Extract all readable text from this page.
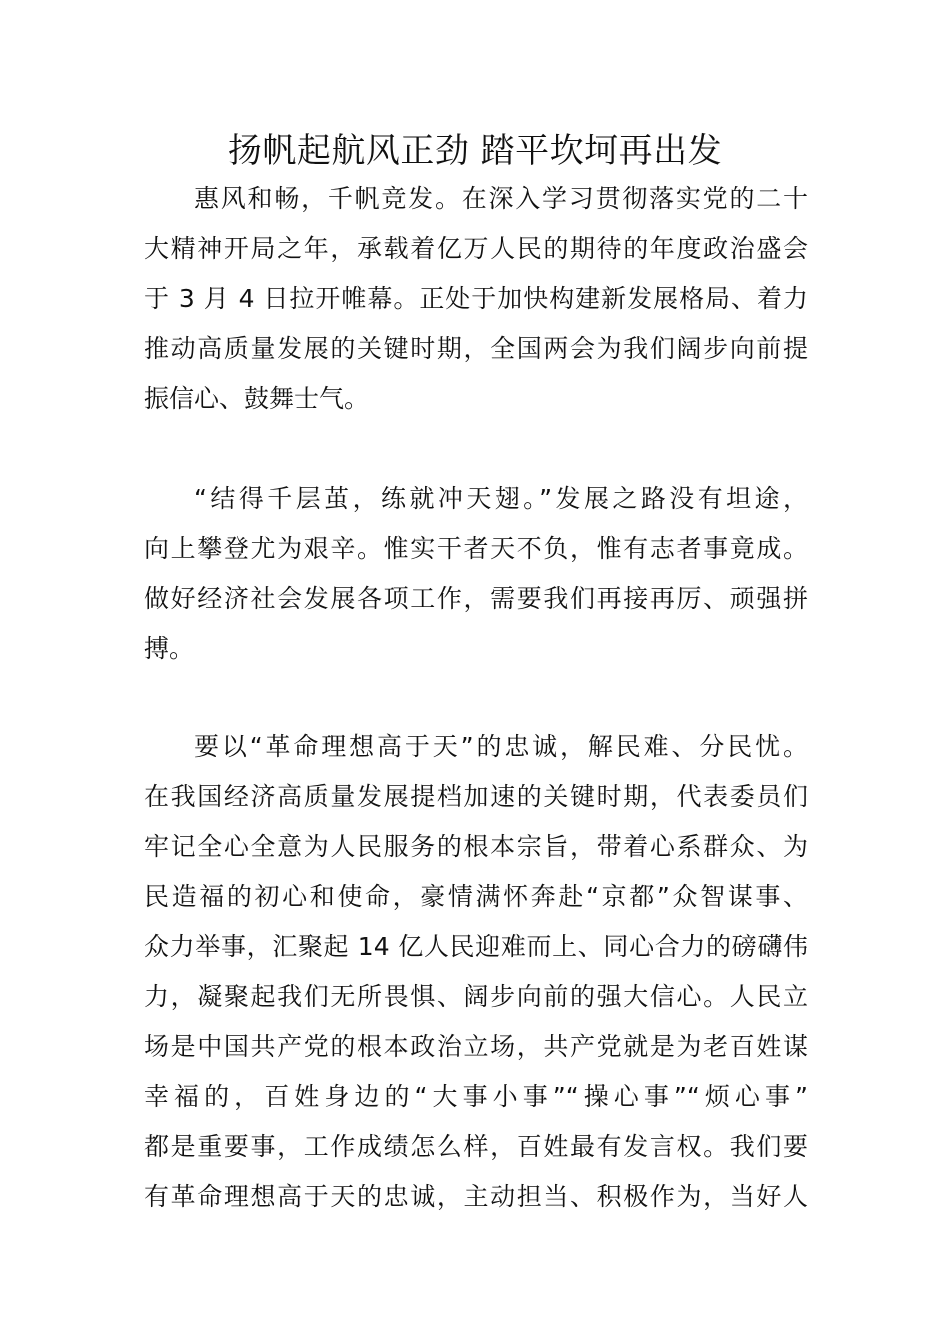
扬帆起航风正劲 踏平坎坷再出发
惠风和畅，千帆竞发。在深入学习贯彻落实党的二十
大精神开局之年，承载着亿万人民的期待的年度政治盛会
于 3 月 4 日拉开帷幕。正处于加快构建新发展格局、着力
推动高质量发展的关键时期，全国两会为我们阔步向前提
振信心、鼓舞士气。
“结得千层茧，练就冲天翅。”发展之路没有坦途，
向上攀登尤为艰辛。惟实干者天不负，惟有志者事竟成。
做好经济社会发展各项工作，需要我们再接再厉、顽强拼
搏。
要以“革命理想高于天”的忠诚，解民难、分民忧。
在我国经济高质量发展提档加速的关键时期，代表委员们
牢记全心全意为人民服务的根本宗旨，带着心系群众、为
民造福的初心和使命，豪情满怀奔赴“京都”众智谋事、
众力举事，汇聚起 14 亿人民迎难而上、同心合力的磅礴伟
力，凝聚起我们无所畏惧、阔步向前的强大信心。人民立
场是中国共产党的根本政治立场，共产党就是为老百姓谋
幸福的，百姓身边的“大事小事”“操心事”“烦心事”
都是重要事，工作成绩怎么样，百姓最有发言权。我们要
有革命理想高于天的忠诚，主动担当、积极作为，当好人
